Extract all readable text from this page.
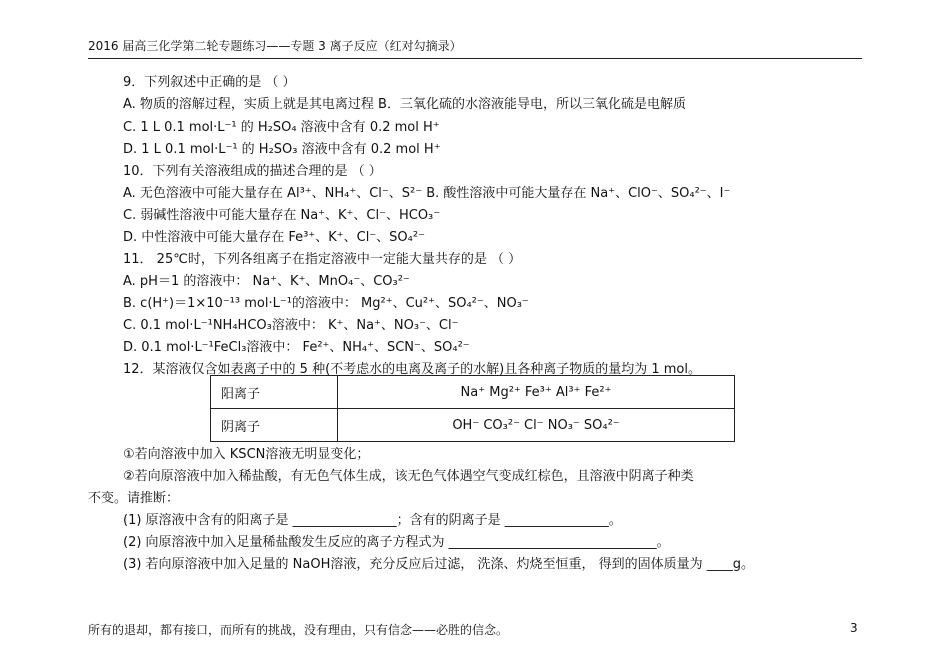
2016 届高三化学第二轮专题练习——专题 3 离子反应（红对勾摘录）
9．下列叙述中正确的是 （ ）
A. 物质的溶解过程，实质上就是其电离过程 B．三氧化硫的水溶液能导电，所以三氧化硫是电解质
C. 1 L 0.1 mol·L⁻¹ 的 H₂SO₄ 溶液中含有 0.2 mol H⁺
D. 1 L 0.1 mol·L⁻¹ 的 H₂SO₃ 溶液中含有 0.2 mol H⁺
10．下列有关溶液组成的描述合理的是 （ ）
A. 无色溶液中可能大量存在 Al³⁺、NH₄⁺、Cl⁻、S²⁻ B. 酸性溶液中可能大量存在 Na⁺、ClO⁻、SO₄²⁻、I⁻
C. 弱碱性溶液中可能大量存在 Na⁺、K⁺、Cl⁻、HCO₃⁻
D. 中性溶液中可能大量存在 Fe³⁺、K⁺、Cl⁻、SO₄²⁻
11． 25℃时，下列各组离子在指定溶液中一定能大量共存的是 （ ）
A. pH＝1 的溶液中： Na⁺、K⁺、MnO₄⁻、CO₃²⁻
B. c(H⁺)＝1×10⁻¹³ mol·L⁻¹的溶液中： Mg²⁺、Cu²⁺、SO₄²⁻、NO₃⁻
C. 0.1 mol·L⁻¹NH₄HCO₃溶液中： K⁺、Na⁺、NO₃⁻、Cl⁻
D. 0.1 mol·L⁻¹FeCl₃溶液中： Fe²⁺、NH₄⁺、SCN⁻、SO₄²⁻
12．某溶液仅含如表离子中的 5 种(不考虑水的电离及离子的水解)且各种离子物质的量均为 1 mol。
阳离子	Na⁺ Mg²⁺ Fe³⁺ Al³⁺ Fe²⁺
阴离子	OH⁻ CO₃²⁻ Cl⁻ NO₃⁻ SO₄²⁻
①若向溶液中加入 KSCN溶液无明显变化；
②若向原溶液中加入稀盐酸，有无色气体生成，该无色气体遇空气变成红棕色，且溶液中阴离子种类
不变。请推断：
(1) 原溶液中含有的阳离子是 ________________；含有的阴离子是 ________________。
(2) 向原溶液中加入足量稀盐酸发生反应的离子方程式为 ________________________________。
(3) 若向原溶液中加入足量的 NaOH溶液，充分反应后过滤， 洗涤、灼烧至恒重， 得到的固体质量为 ____g。
所有的退却，都有接口，而所有的挑战，没有理由，只有信念——必胜的信念。	3
